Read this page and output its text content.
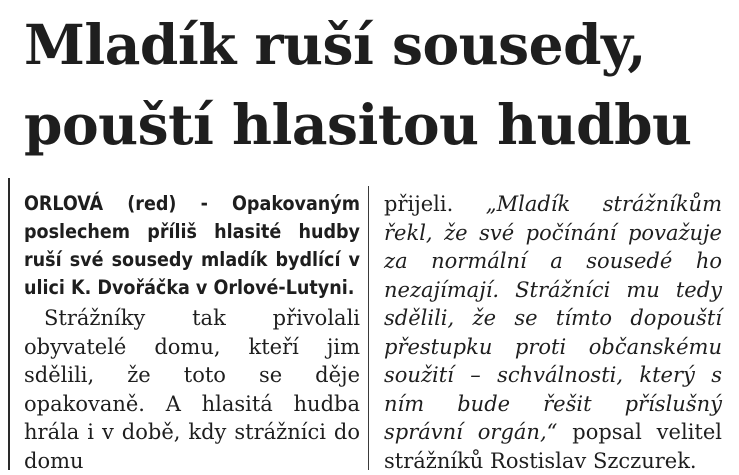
Mladík ruší sousedy,
pouští hlasitou hudbu

ORLOVÁ (red) - Opakovaným poslechem příliš hlasité hudby ruší své sousedy mladík bydlící v ulici K. Dvořáčka v Orlové-Lutyni.

Strážníky tak přivolali obyvatelé domu, kteří jim sdělili, že toto se děje opakovaně. A hlasitá hudba hrála i v době, kdy strážníci do domu

přijeli. „Mladík strážníkům řekl, že své počínání považuje za normální a sousedé ho nezajímají. Strážníci mu tedy sdělili, že se tímto dopouští přestupku proti občanskému soužití – schválnosti, který s ním bude řešit příslušný správní orgán,“ popsal velitel strážníků Rostislav Szczurek.
